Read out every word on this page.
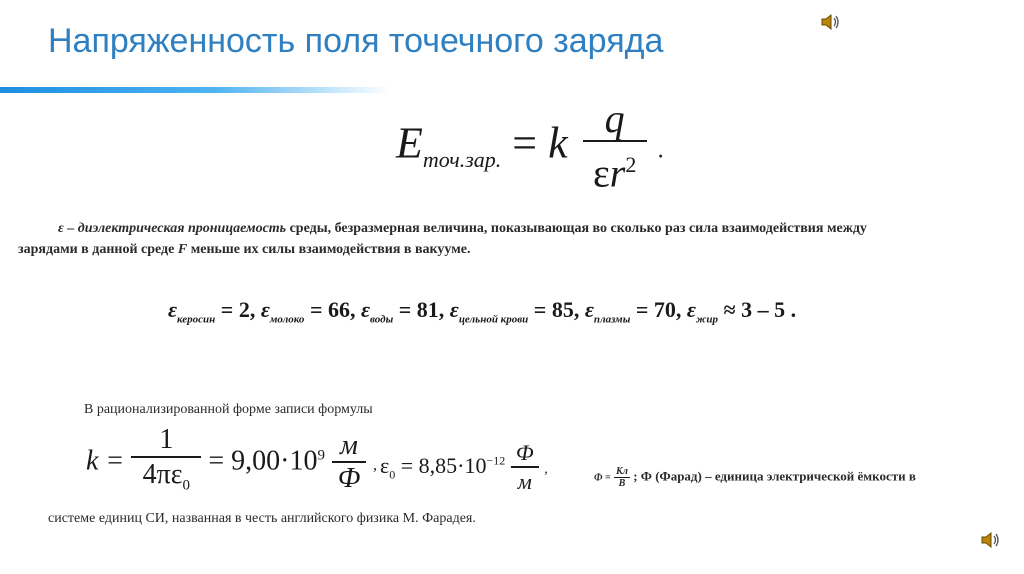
Напряженность поля точечного заряда
$E_{точ.зар.} = k \frac{q}{\varepsilon r^2}$ .
ε – диэлектрическая проницаемость среды, безразмерная величина, показывающая во сколько раз сила взаимодействия между
зарядами в данной среде F меньше их силы взаимодействия в вакууме.
$\varepsilon_{керосин} = 2$, $\varepsilon_{молоко} = 66$, $\varepsilon_{воды} = 81$, $\varepsilon_{цельной крови} = 85$, $\varepsilon_{плазмы} = 70$, $\varepsilon_{жир} \approx 3 - 5$ .
В рационализированной форме записи формулы
$k = \frac{1}{4\pi\varepsilon_0} = 9,00\cdot 10^9 \frac{м}{Ф}$ , $\varepsilon_0 = 8,85\cdot 10^{-12} \frac{Ф}{м}$ ,
$Ф = \frac{Кл}{В}$ ; Ф (Фарад) – единица электрической ёмкости в
системе единиц СИ, названная в честь английского физика М. Фарадея.
